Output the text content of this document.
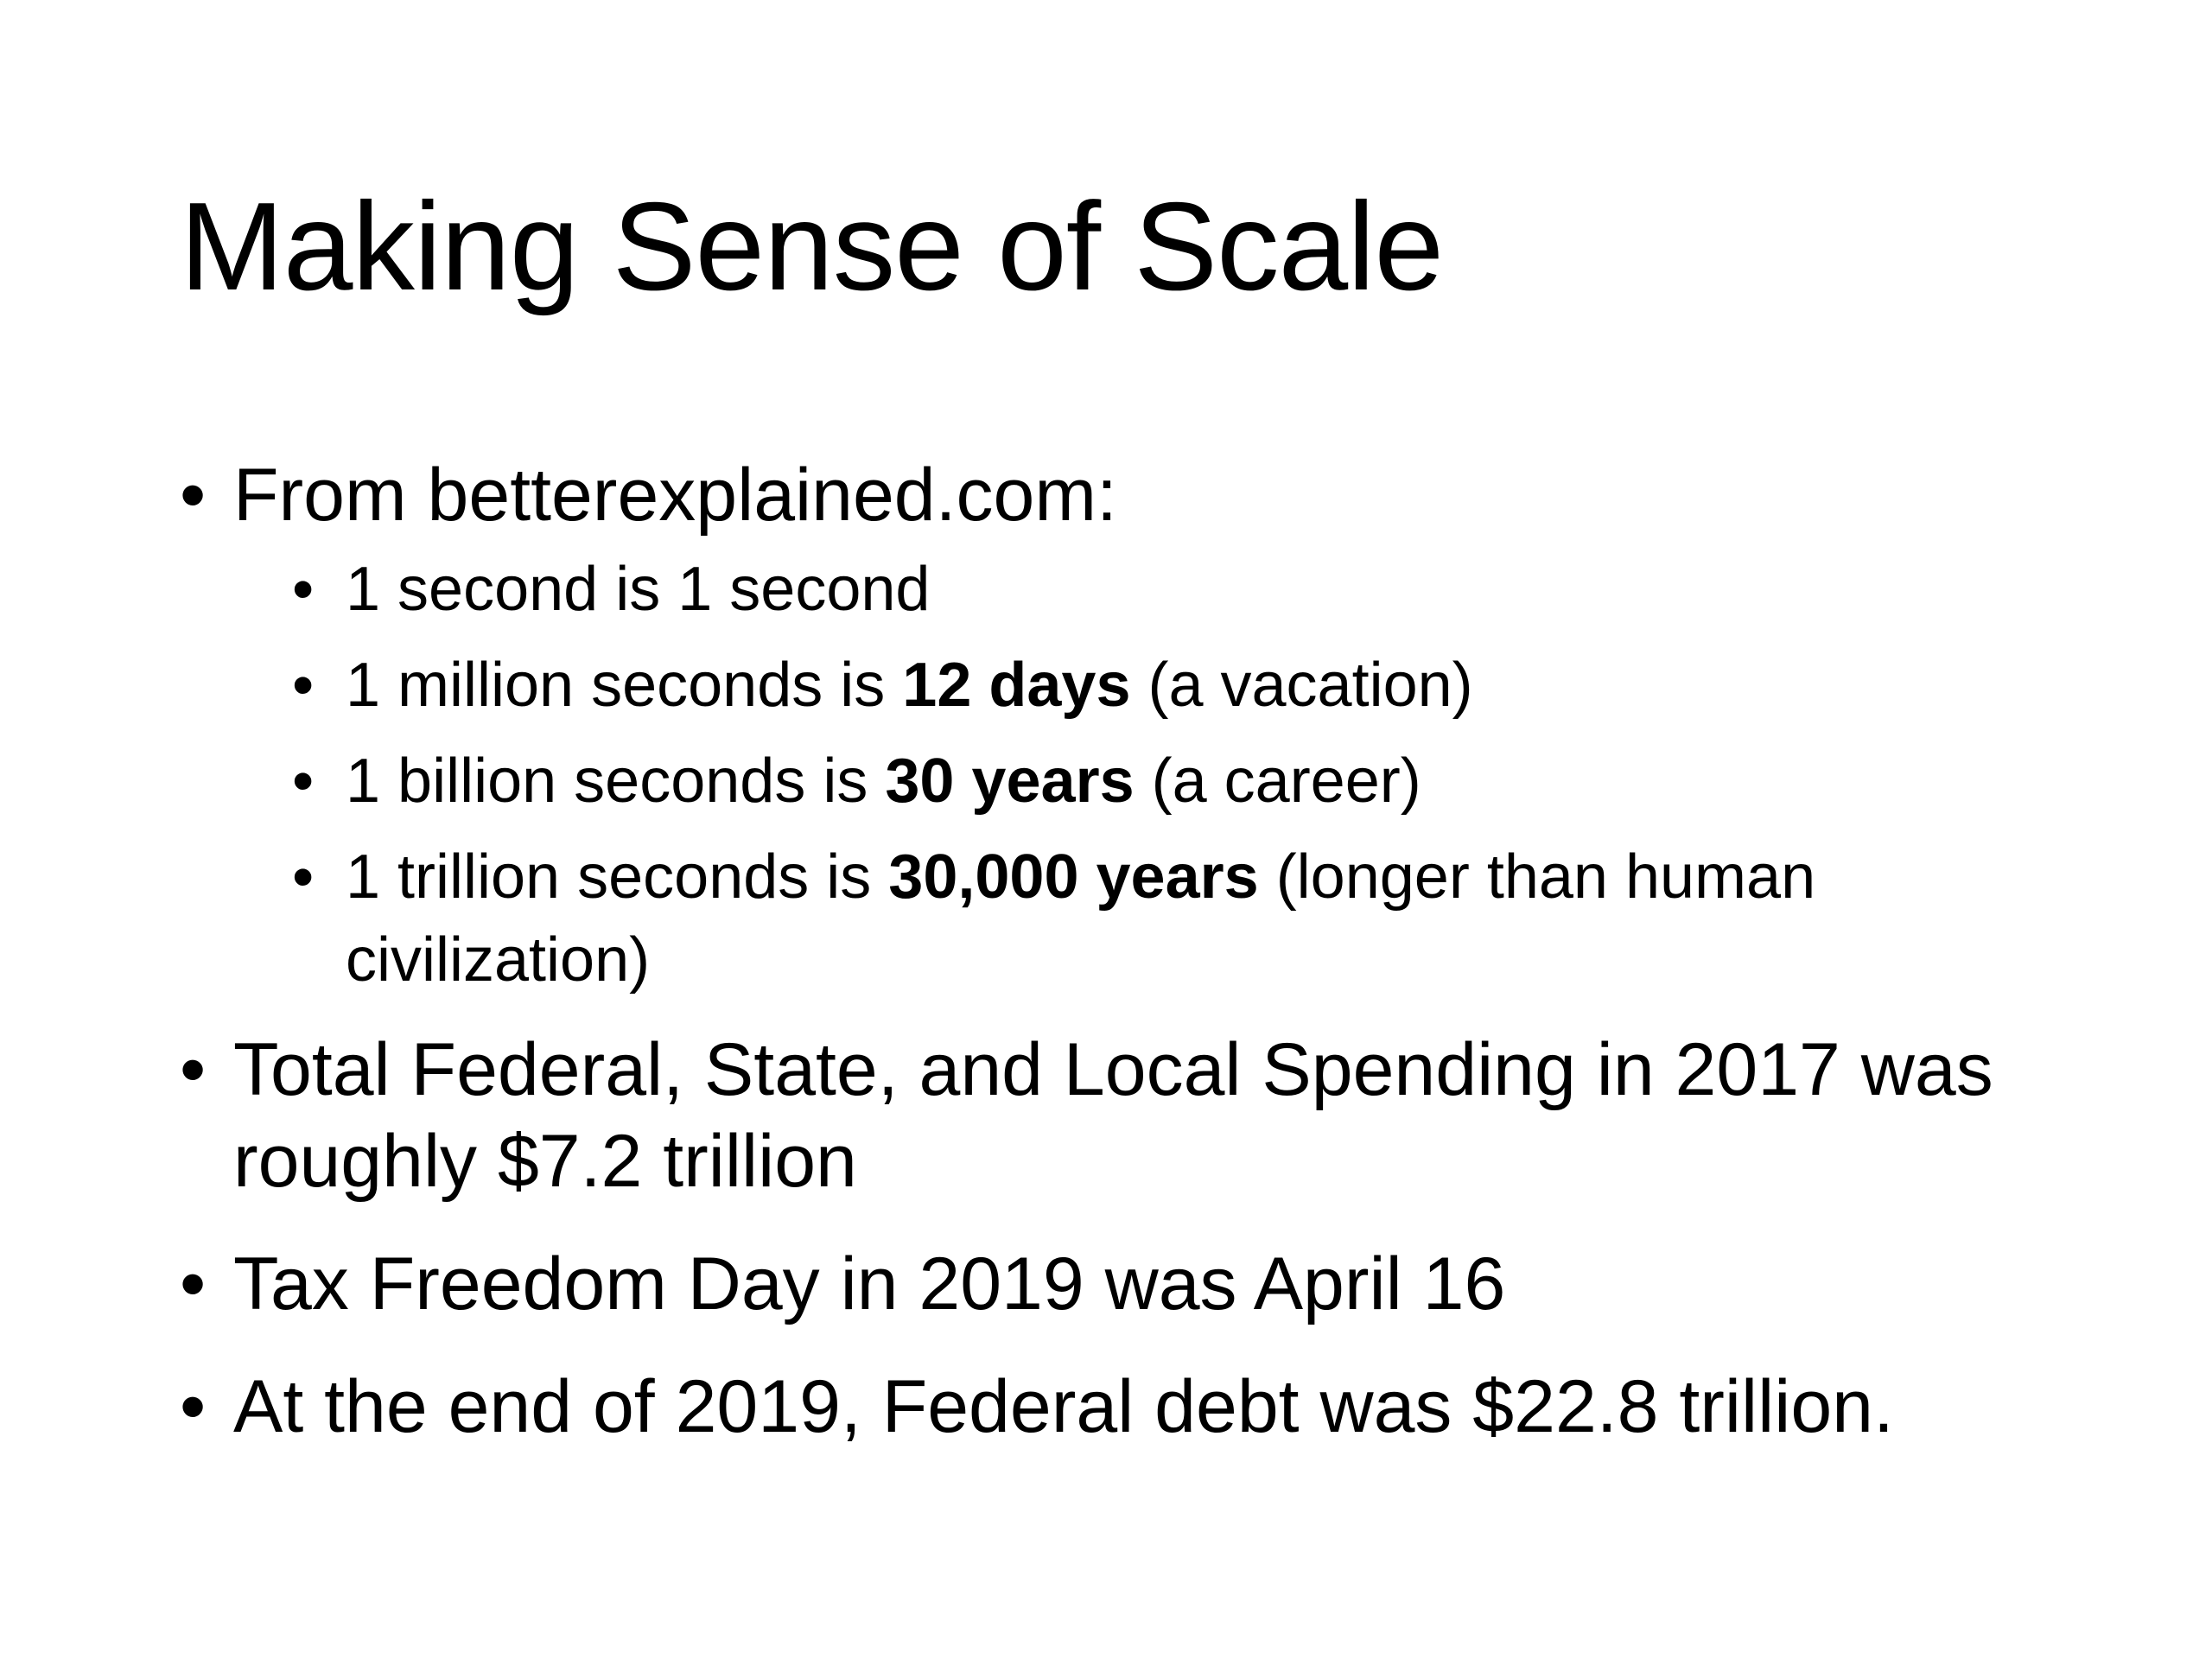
Making Sense of Scale
• From betterexplained.com:
• 1 second is 1 second
• 1 million seconds is 12 days (a vacation)
• 1 billion seconds is 30 years (a career)
• 1 trillion seconds is 30,000 years (longer than human civilization)
• Total Federal, State, and Local Spending in 2017 was roughly $7.2 trillion
• Tax Freedom Day in 2019 was April 16
• At the end of 2019, Federal debt was $22.8 trillion.
